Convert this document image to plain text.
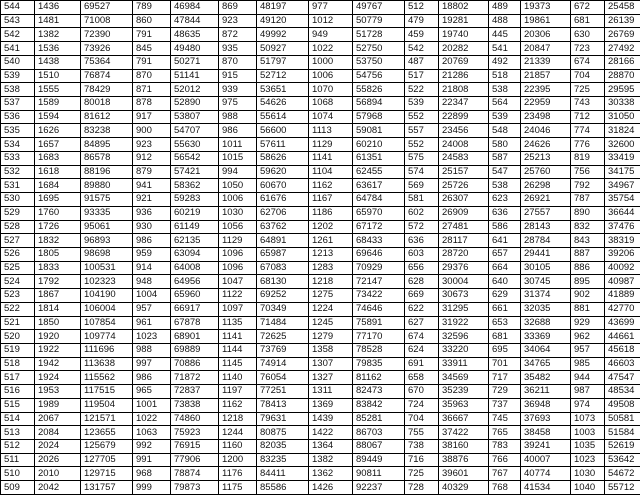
544	1436	69527	789	46984	869	48197	977	49767	512	18802	489	19373	672	25458
543	1481	71008	860	47844	923	49120	1012	50779	479	19281	488	19861	681	26139
542	1382	72390	791	48635	872	49992	949	51728	459	19740	445	20306	630	26769
541	1536	73926	845	49480	935	50927	1022	52750	542	20282	541	20847	723	27492
540	1438	75364	791	50271	870	51797	1000	53750	487	20769	492	21339	674	28166
539	1510	76874	870	51141	915	52712	1006	54756	517	21286	518	21857	704	28870
538	1555	78429	871	52012	939	53651	1070	55826	522	21808	538	22395	725	29595
537	1589	80018	878	52890	975	54626	1068	56894	539	22347	564	22959	743	30338
536	1594	81612	917	53807	988	55614	1074	57968	552	22899	539	23498	712	31050
535	1626	83238	900	54707	986	56600	1113	59081	557	23456	548	24046	774	31824
534	1657	84895	923	55630	1011	57611	1129	60210	552	24008	580	24626	776	32600
533	1683	86578	912	56542	1015	58626	1141	61351	575	24583	587	25213	819	33419
532	1618	88196	879	57421	994	59620	1104	62455	574	25157	547	25760	756	34175
531	1684	89880	941	58362	1050	60670	1162	63617	569	25726	538	26298	792	34967
530	1695	91575	921	59283	1006	61676	1167	64784	581	26307	623	26921	787	35754
529	1760	93335	936	60219	1030	62706	1186	65970	602	26909	636	27557	890	36644
528	1726	95061	930	61149	1056	63762	1202	67172	572	27481	586	28143	832	37476
527	1832	96893	986	62135	1129	64891	1261	68433	636	28117	641	28784	843	38319
526	1805	98698	959	63094	1096	65987	1213	69646	603	28720	657	29441	887	39206
525	1833	100531	914	64008	1096	67083	1283	70929	656	29376	664	30105	886	40092
524	1792	102323	948	64956	1047	68130	1218	72147	628	30004	640	30745	895	40987
523	1867	104190	1004	65960	1122	69252	1275	73422	669	30673	629	31374	902	41889
522	1814	106004	957	66917	1097	70349	1224	74646	622	31295	661	32035	881	42770
521	1850	107854	961	67878	1135	71484	1245	75891	627	31922	653	32688	929	43699
520	1920	109774	1023	68901	1141	72625	1279	77170	674	32596	681	33369	962	44661
519	1922	111696	988	69889	1144	73769	1358	78528	624	33220	695	34064	957	45618
518	1942	113638	997	70886	1145	74914	1307	79835	691	33911	701	34765	985	46603
517	1924	115562	986	71872	1140	76054	1327	81162	658	34569	717	35482	944	47547
516	1953	117515	965	72837	1197	77251	1311	82473	670	35239	729	36211	987	48534
515	1989	119504	1001	73838	1162	78413	1369	83842	724	35963	737	36948	974	49508
514	2067	121571	1022	74860	1218	79631	1439	85281	704	36667	745	37693	1073	50581
513	2084	123655	1063	75923	1244	80875	1422	86703	755	37422	765	38458	1003	51584
512	2024	125679	992	76915	1160	82035	1364	88067	738	38160	783	39241	1035	52619
511	2026	127705	991	77906	1200	83235	1382	89449	716	38876	766	40007	1023	53642
510	2010	129715	968	78874	1176	84411	1362	90811	725	39601	767	40774	1030	54672
509	2042	131757	999	79873	1175	85586	1426	92237	728	40329	768	41534	1040	55712
